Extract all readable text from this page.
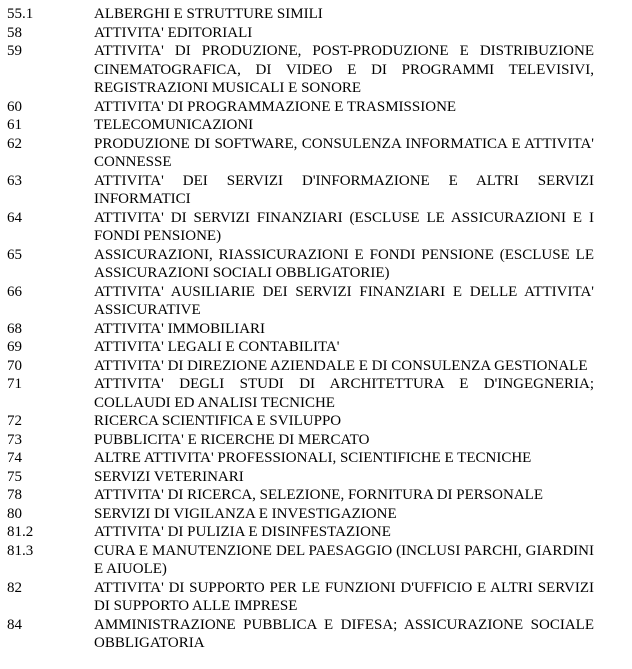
55.1	ALBERGHI E STRUTTURE SIMILI
58	ATTIVITA' EDITORIALI
59	ATTIVITA' DI PRODUZIONE, POST-PRODUZIONE E DISTRIBUZIONE CINEMATOGRAFICA, DI VIDEO E DI PROGRAMMI TELEVISIVI, REGISTRAZIONI MUSICALI E SONORE
60	ATTIVITA' DI PROGRAMMAZIONE E TRASMISSIONE
61	TELECOMUNICAZIONI
62	PRODUZIONE DI SOFTWARE, CONSULENZA INFORMATICA E ATTIVITA' CONNESSE
63	ATTIVITA' DEI SERVIZI D'INFORMAZIONE E ALTRI SERVIZI INFORMATICI
64	ATTIVITA' DI SERVIZI FINANZIARI (ESCLUSE LE ASSICURAZIONI E I FONDI PENSIONE)
65	ASSICURAZIONI, RIASSICURAZIONI E FONDI PENSIONE (ESCLUSE LE ASSICURAZIONI SOCIALI OBBLIGATORIE)
66	ATTIVITA' AUSILIARIE DEI SERVIZI FINANZIARI E DELLE ATTIVITA' ASSICURATIVE
68	ATTIVITA' IMMOBILIARI
69	ATTIVITA' LEGALI E CONTABILITA'
70	ATTIVITA' DI DIREZIONE AZIENDALE E DI CONSULENZA GESTIONALE
71	ATTIVITA' DEGLI STUDI DI ARCHITETTURA E D'INGEGNERIA; COLLAUDI ED ANALISI TECNICHE
72	RICERCA SCIENTIFICA E SVILUPPO
73	PUBBLICITA' E RICERCHE DI MERCATO
74	ALTRE ATTIVITA' PROFESSIONALI, SCIENTIFICHE E TECNICHE
75	SERVIZI VETERINARI
78	ATTIVITA' DI RICERCA, SELEZIONE, FORNITURA DI PERSONALE
80	SERVIZI DI VIGILANZA E INVESTIGAZIONE
81.2	ATTIVITA' DI PULIZIA E DISINFESTAZIONE
81.3	CURA E MANUTENZIONE DEL PAESAGGIO (INCLUSI PARCHI, GIARDINI E AIUOLE)
82	ATTIVITA' DI SUPPORTO PER LE FUNZIONI D'UFFICIO E ALTRI SERVIZI DI SUPPORTO ALLE IMPRESE
84	AMMINISTRAZIONE PUBBLICA E DIFESA; ASSICURAZIONE SOCIALE OBBLIGATORIA
